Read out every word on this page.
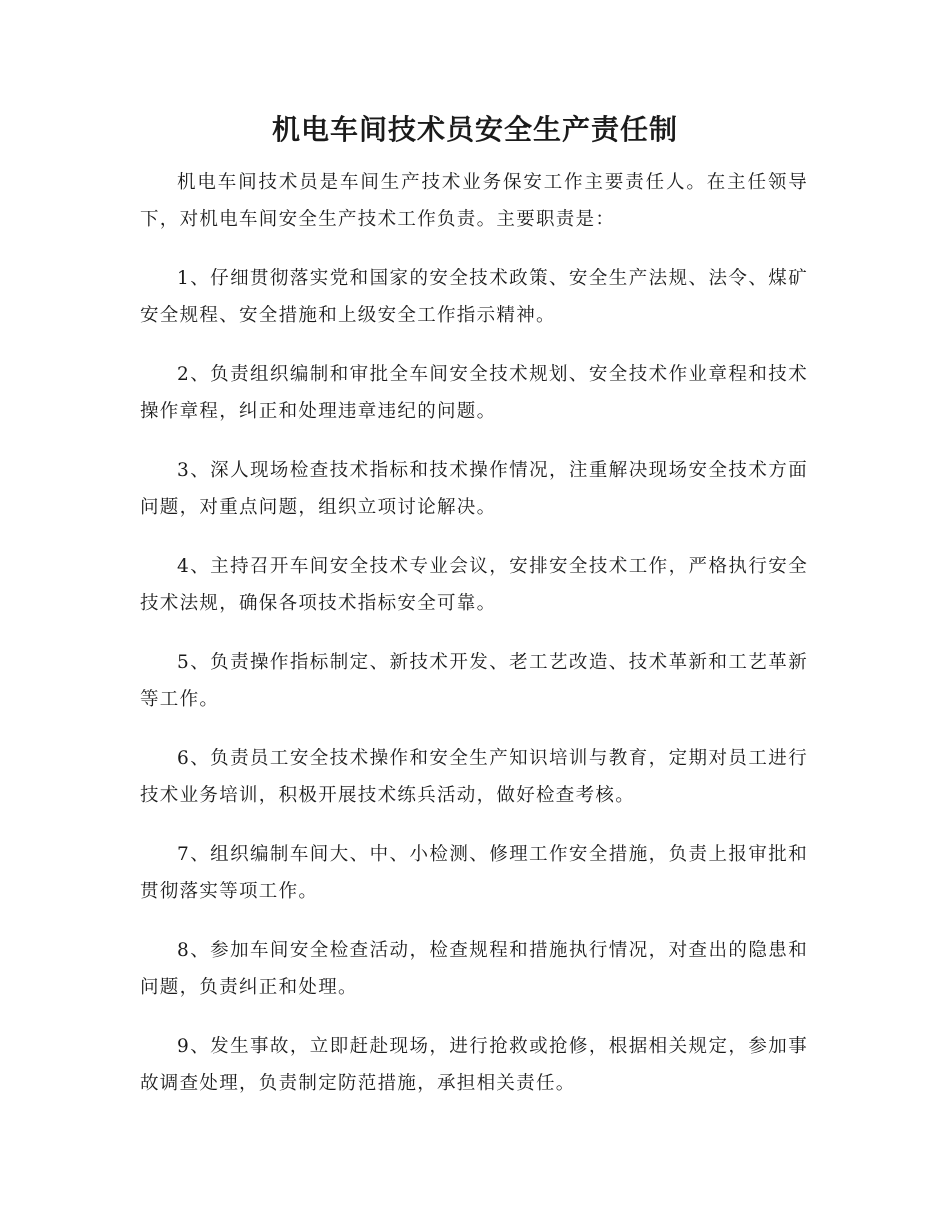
机电车间技术员安全生产责任制

机电车间技术员是车间生产技术业务保安工作主要责任人。在主任领导下，对机电车间安全生产技术工作负责。主要职责是：

1、仔细贯彻落实党和国家的安全技术政策、安全生产法规、法令、煤矿安全规程、安全措施和上级安全工作指示精神。

2、负责组织编制和审批全车间安全技术规划、安全技术作业章程和技术操作章程，纠正和处理违章违纪的问题。

3、深人现场检查技术指标和技术操作情况，注重解决现场安全技术方面问题，对重点问题，组织立项讨论解决。

4、主持召开车间安全技术专业会议，安排安全技术工作，严格执行安全技术法规，确保各项技术指标安全可靠。

5、负责操作指标制定、新技术开发、老工艺改造、技术革新和工艺革新等工作。

6、负责员工安全技术操作和安全生产知识培训与教育，定期对员工进行技术业务培训，积极开展技术练兵活动，做好检查考核。

7、组织编制车间大、中、小检测、修理工作安全措施，负责上报审批和贯彻落实等项工作。

8、参加车间安全检查活动，检查规程和措施执行情况，对查出的隐患和问题，负责纠正和处理。

9、发生事故，立即赶赴现场，进行抢救或抢修，根据相关规定，参加事故调查处理，负责制定防范措施，承担相关责任。
